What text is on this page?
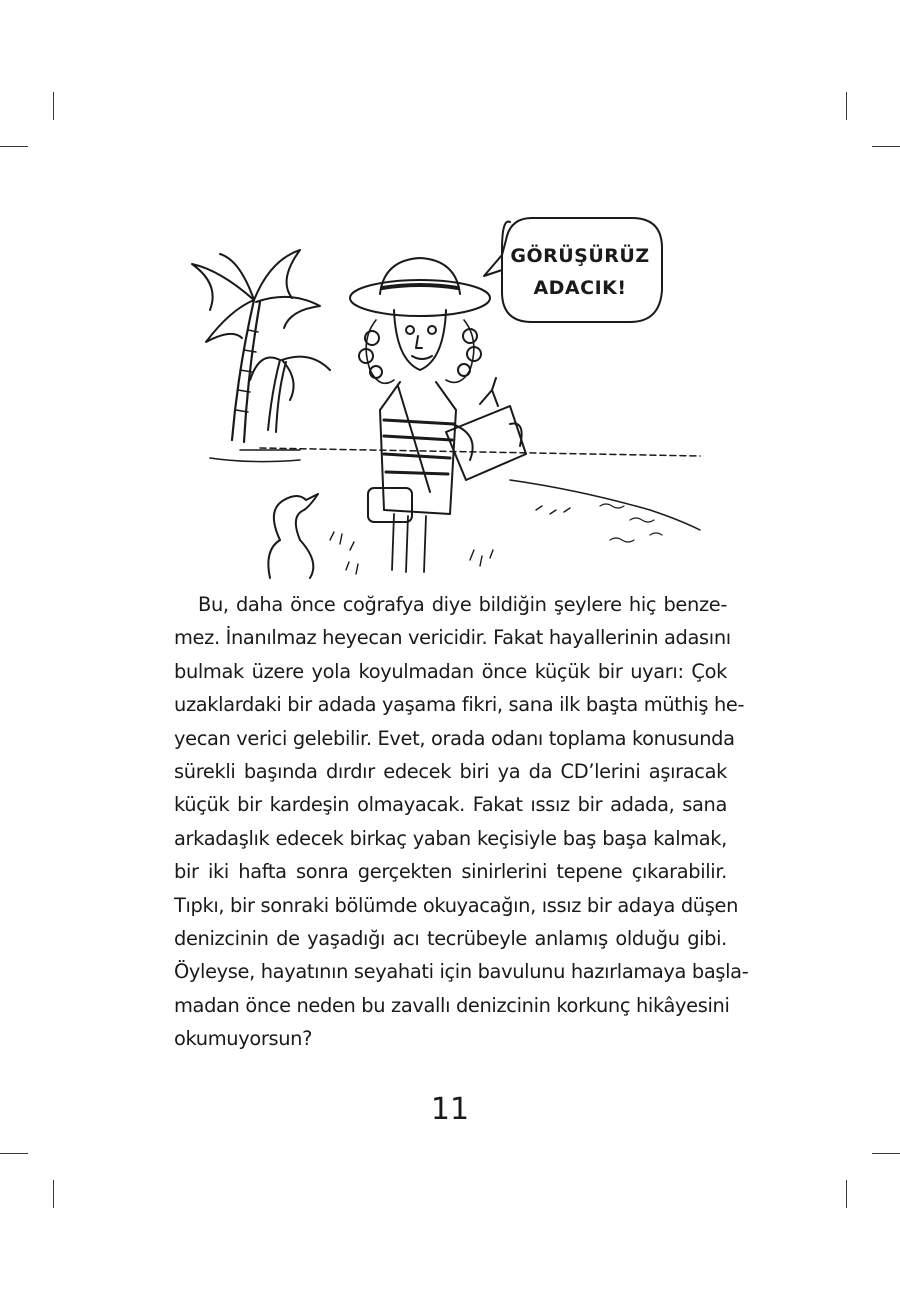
GÖRÜŞÜRÜZ
ADACIK!
Bu, daha önce coğrafya diye bildiğin şeylere hiç benze-
mez. İnanılmaz heyecan vericidir. Fakat hayallerinin adasını
bulmak üzere yola koyulmadan önce küçük bir uyarı: Çok
uzaklardaki bir adada yaşama fikri, sana ilk başta müthiş he-
yecan verici gelebilir. Evet, orada odanı toplama konusunda
sürekli başında dırdır edecek biri ya da CD’lerini aşıracak
küçük bir kardeşin olmayacak. Fakat ıssız bir adada, sana
arkadaşlık edecek birkaç yaban keçisiyle baş başa kalmak,
bir iki hafta sonra gerçekten sinirlerini tepene çıkarabilir.
Tıpkı, bir sonraki bölümde okuyacağın, ıssız bir adaya düşen
denizcinin de yaşadığı acı tecrübeyle anlamış olduğu gibi.
Öyleyse, hayatının seyahati için bavulunu hazırlamaya başla-
madan önce neden bu zavallı denizcinin korkunç hikâyesini
okumuyorsun?
11
